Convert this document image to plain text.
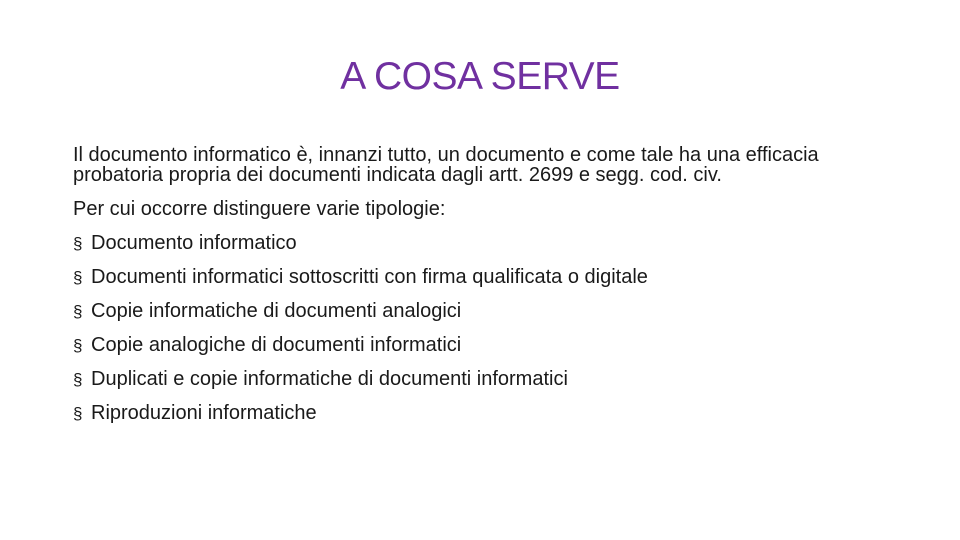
A COSA SERVE

Il documento informatico è, innanzi tutto, un documento e come tale ha una efficacia probatoria propria dei documenti indicata dagli artt. 2699 e segg. cod. civ.

Per cui occorre distinguere varie tipologie:

§ Documento informatico
§ Documenti informatici sottoscritti con firma qualificata o digitale
§ Copie informatiche di documenti analogici
§ Copie analogiche di documenti informatici
§ Duplicati e copie informatiche di documenti informatici
§ Riproduzioni informatiche
